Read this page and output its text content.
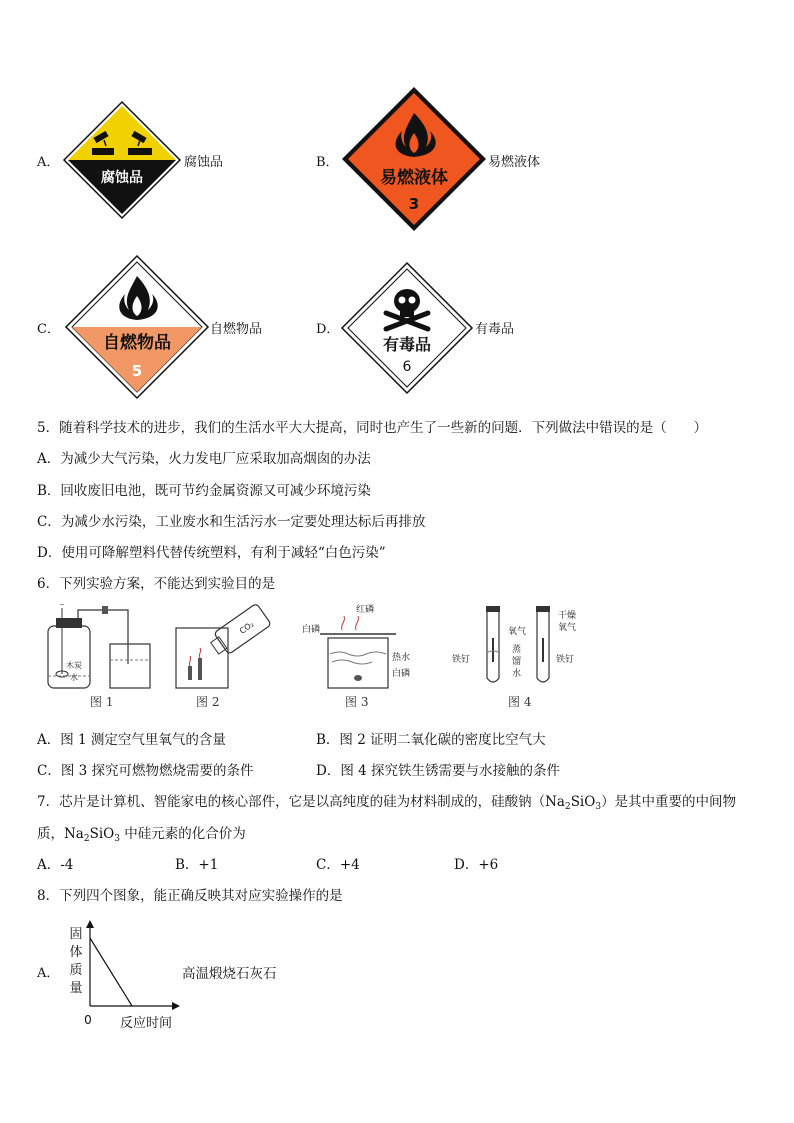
A．
腐蚀品
腐蚀品	B．
易燃液体
3
易燃液体
C．
自燃物品
5
自燃物品	D．
有毒品
6
有毒品
5．随着科学技术的进步，我们的生活水平大大提高，同时也产生了一些新的问题．下列做法中错误的是（　　）
A．为减少大气污染，火力发电厂应采取加高烟囱的办法
B．回收废旧电池，既可节约金属资源又可减少环境污染
C．为减少水污染，工业废水和生活污水一定要处理达标后再排放
D．使用可降解塑料代替传统塑料，有利于减轻“白色污染”
6．下列实验方案，不能达到实验目的是
木炭
水
图 1
CO₂
图 2
红磷
白磷
热水
白磷
图 3
氧气
蒸
馏
水
铁钉
干燥
氧气
铁钉
图 4
A．图 1 测定空气里氧气的含量	B．图 2 证明二氧化碳的密度比空气大
C．图 3 探究可燃物燃烧需要的条件	D．图 4 探究铁生锈需要与水接触的条件
7．芯片是计算机、智能家电的核心部件，它是以高纯度的硅为材料制成的，硅酸钠$(Na_2SiO_3)$是其中重要的中间物
质，$Na_2SiO_3$ 中硅元素的化合价为
A．-4	B．+1	C．+4	D．+6
8．下列四个图象，能正确反映其对应实验操作的是
A．
固
体
质
量
0 反应时间
高温煅烧石灰石
